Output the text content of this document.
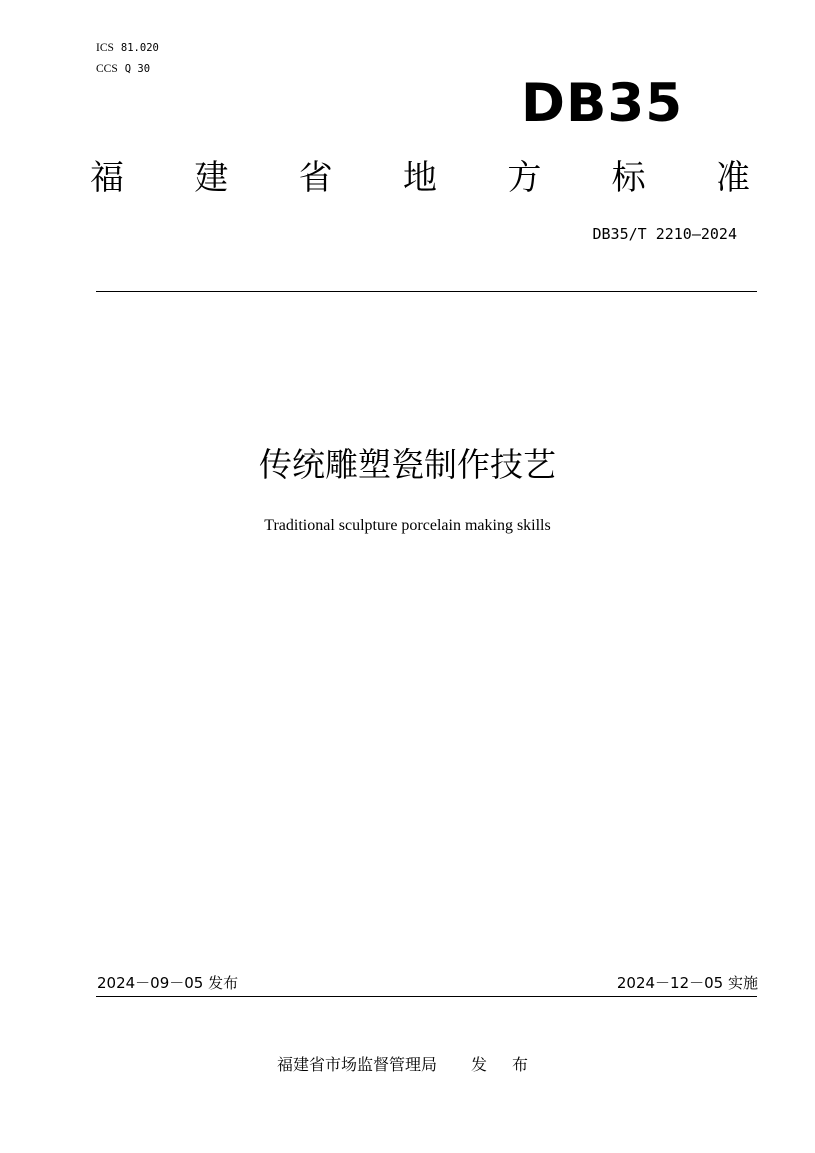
ICS 81.020
CCS Q 30
DB35
福 建 省 地 方 标 准
DB35/T 2210—2024
传统雕塑瓷制作技艺
Traditional sculpture porcelain making skills
2024－09－05 发布	2024－12－05 实施
福建省市场监督管理局 发 布
